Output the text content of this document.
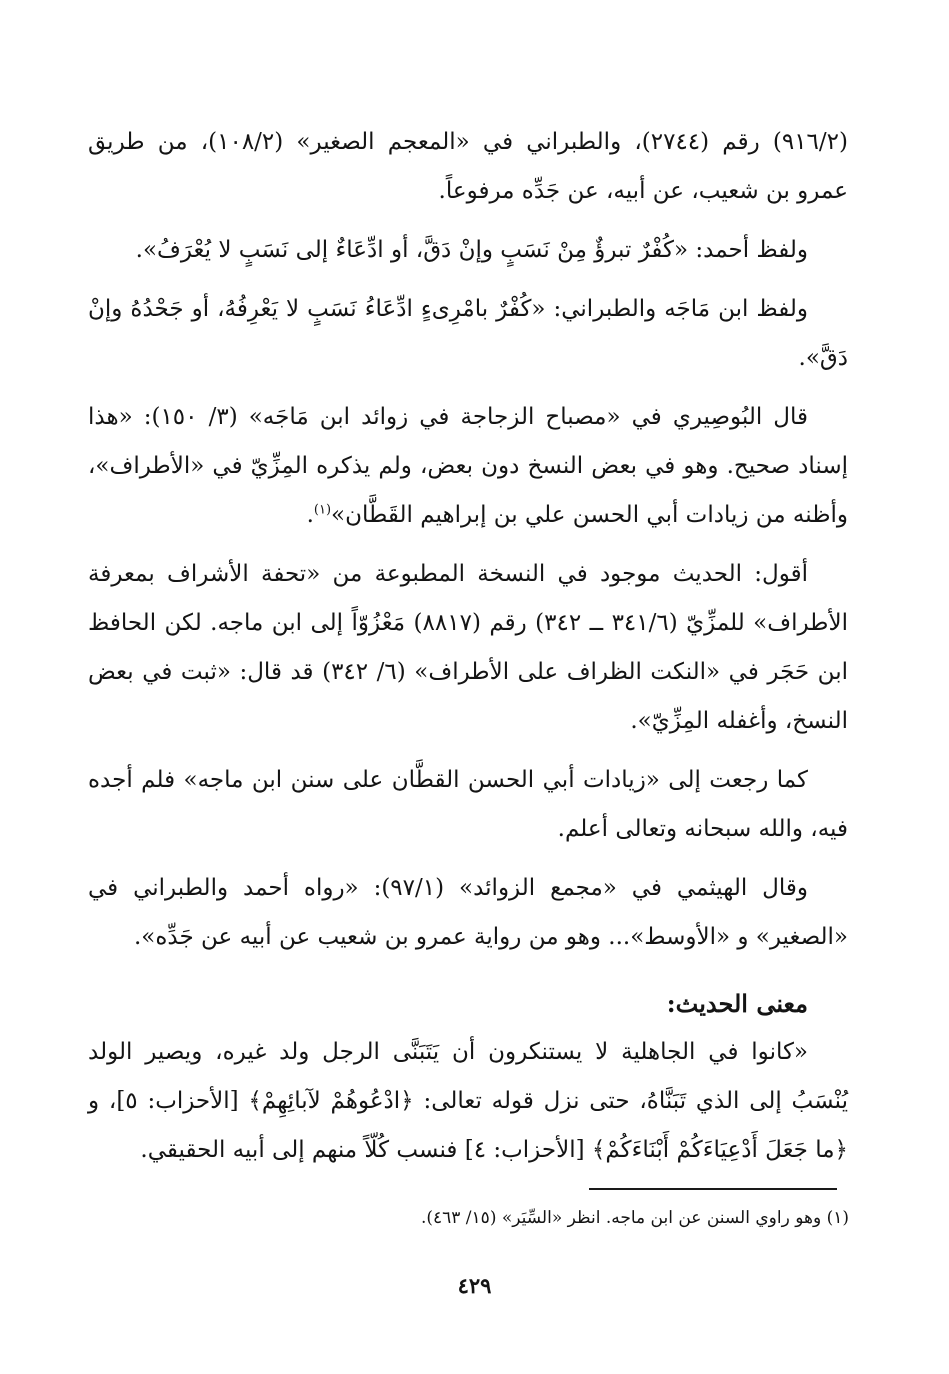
(٩١٦/٢) رقم (٢٧٤٤)، والطبراني في «المعجم الصغير» (١٠٨/٢)، من طريق عمرو بن شعيب، عن أبيه، عن جَدِّه مرفوعاً.

ولفظ أحمد: «كُفْرٌ تبرؤٌ مِنْ نَسَبٍ وإنْ دَقَّ، أو ادِّعَاءٌ إلى نَسَبٍ لا يُعْرَفُ».

ولفظ ابن مَاجَه والطبراني: «كُفْرٌ بامْرِىءٍ ادِّعَاءُ نَسَبٍ لا يَعْرِفُهُ، أو جَحْدُهُ وإنْ دَقَّ».

قال البُوصِيري في «مصباح الزجاجة في زوائد ابن مَاجَه» (٣/ ١٥٠): «هذا إسناد صحيح. وهو في بعض النسخ دون بعض، ولم يذكره المِزِّيّ في «الأطراف»، وأظنه من زيادات أبي الحسن علي بن إبراهيم القَطَّان»$^{(١)}$.

أقول: الحديث موجود في النسخة المطبوعة من «تحفة الأشراف بمعرفة الأطراف» للمزِّيّ (٣٤١/٦ ــ ٣٤٢) رقم (٨٨١٧) مَعْزُوّاً إلى ابن ماجه. لكن الحافظ ابن حَجَر في «النكت الظراف على الأطراف» (٦/ ٣٤٢) قد قال: «ثبت في بعض النسخ، وأغفله المِزِّيّ».

كما رجعت إلى «زيادات أبي الحسن القطَّان على سنن ابن ماجه» فلم أجده فيه، والله سبحانه وتعالى أعلم.

وقال الهيثمي في «مجمع الزوائد» (٩٧/١): «رواه أحمد والطبراني في «الصغير» و «الأوسط»... وهو من رواية عمرو بن شعيب عن أبيه عن جَدِّه».

معنى الحديث:

«كانوا في الجاهلية لا يستنكرون أن يَتَبَنَّى الرجل ولد غيره، ويصير الولد يُنْسَبُ إلى الذي تَبَنَّاهُ، حتى نزل قوله تعالى: ﴿ادْعُوهُمْ لآبائِهِمْ﴾ [الأحزاب: ٥]، و ﴿ما جَعَلَ أَدْعِيَاءَكُمْ أَبْنَاءَكُمْ﴾ [الأحزاب: ٤] فنسب كُلّاً منهم إلى أبيه الحقيقي.

(١) وهو راوي السنن عن ابن ماجه. انظر «السِّيَر» (١٥/ ٤٦٣).
٤٢٩
